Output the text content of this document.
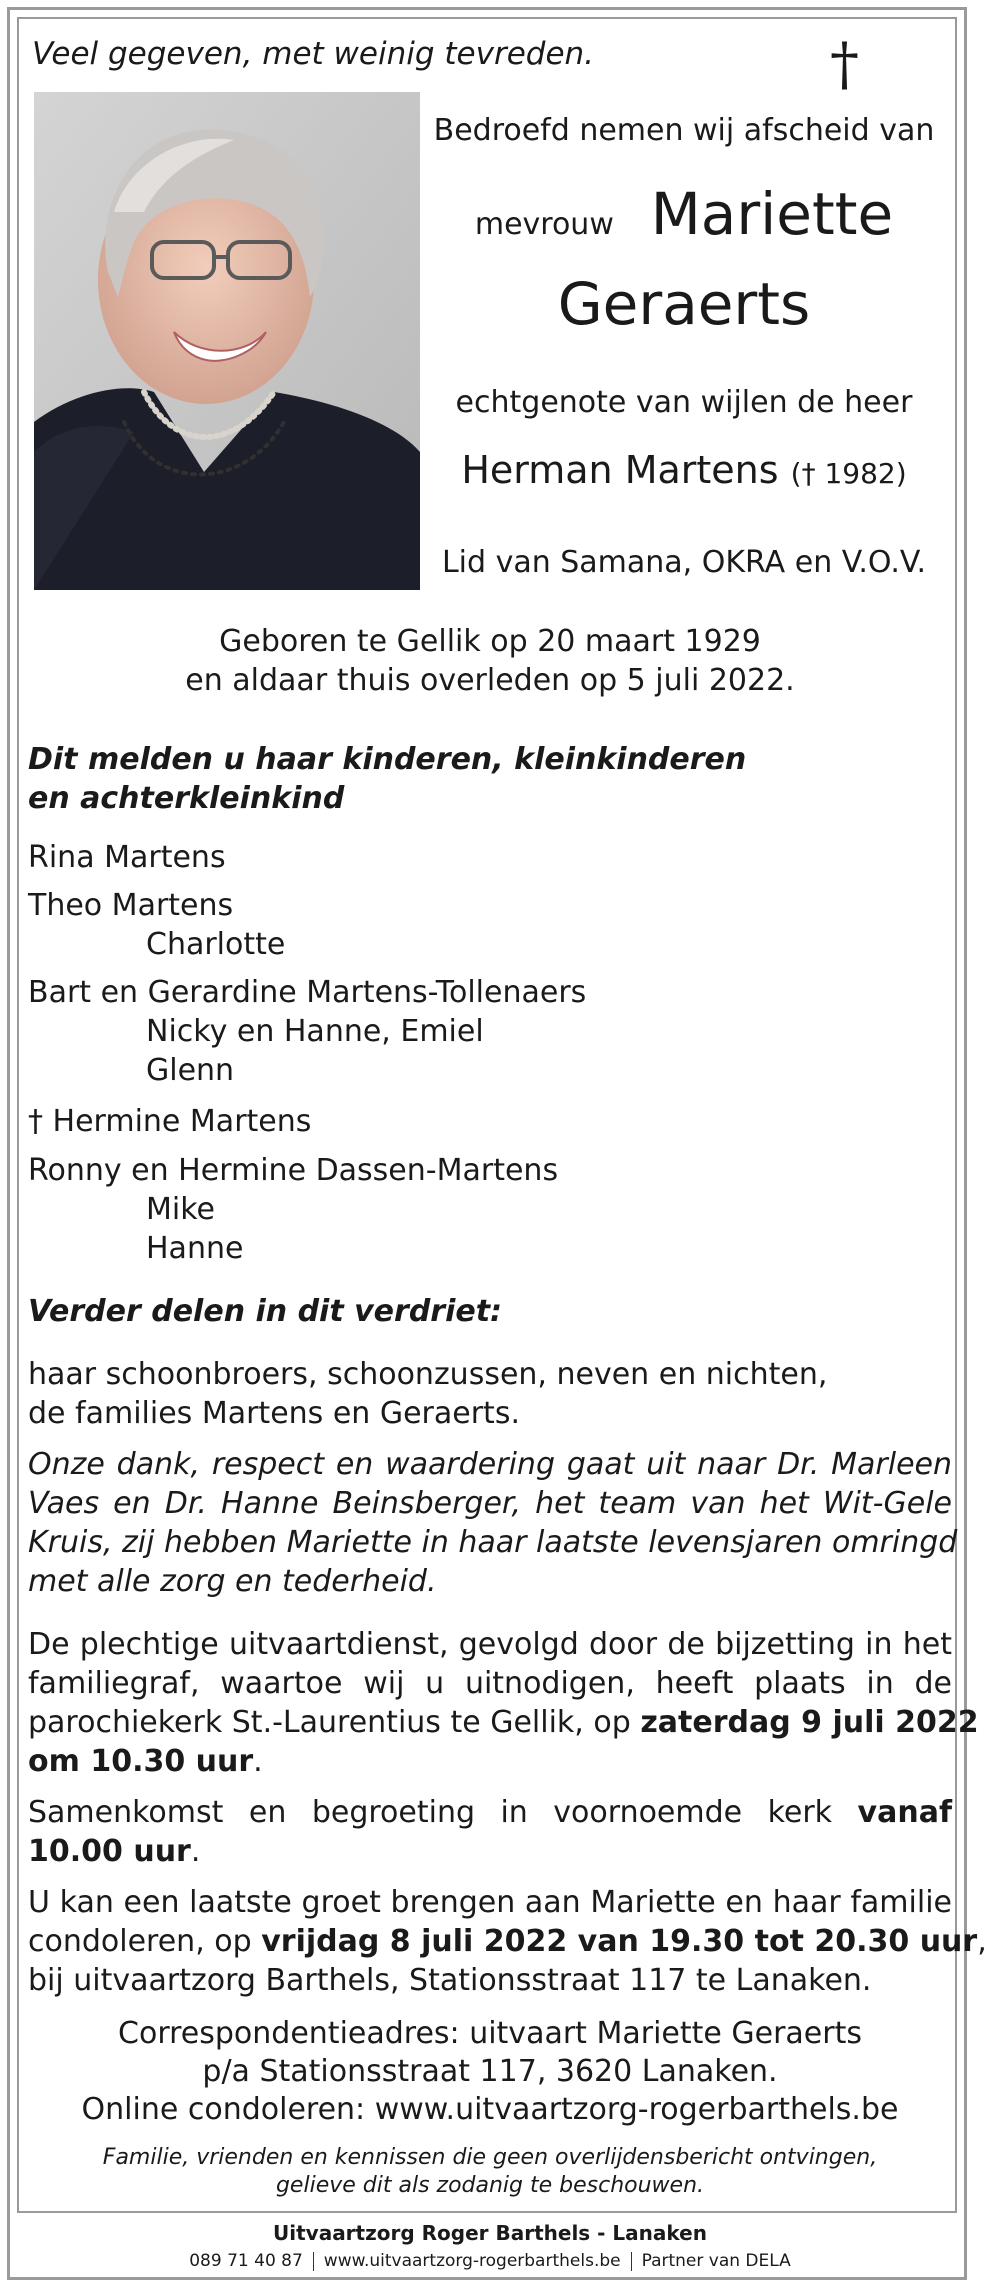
Veel gegeven, met weinig tevreden.	†
Bedroefd nemen wij afscheid van
mevrouw Mariette
Geraerts
echtgenote van wijlen de heer
Herman Martens († 1982)
Lid van Samana, OKRA en V.O.V.
Geboren te Gellik op 20 maart 1929
en aldaar thuis overleden op 5 juli 2022.
Dit melden u haar kinderen, kleinkinderen
en achterkleinkind
Rina Martens
Theo Martens
Charlotte
Bart en Gerardine Martens-Tollenaers
Nicky en Hanne, Emiel
Glenn
† Hermine Martens
Ronny en Hermine Dassen-Martens
Mike
Hanne
Verder delen in dit verdriet:
haar schoonbroers, schoonzussen, neven en nichten,
de families Martens en Geraerts.
Onze dank, respect en waardering gaat uit naar Dr. Marleen
Vaes en Dr. Hanne Beinsberger, het team van het Wit-Gele
Kruis, zij hebben Mariette in haar laatste levensjaren omringd
met alle zorg en tederheid.
De plechtige uitvaartdienst, gevolgd door de bijzetting in het
familiegraf, waartoe wij u uitnodigen, heeft plaats in de
parochiekerk St.-Laurentius te Gellik, op zaterdag 9 juli 2022
om 10.30 uur.
Samenkomst en begroeting in voornoemde kerk vanaf
10.00 uur.
U kan een laatste groet brengen aan Mariette en haar familie
condoleren, op vrijdag 8 juli 2022 van 19.30 tot 20.30 uur,
bij uitvaartzorg Barthels, Stationsstraat 117 te Lanaken.
Correspondentieadres: uitvaart Mariette Geraerts
p/a Stationsstraat 117, 3620 Lanaken.
Online condoleren: www.uitvaartzorg-rogerbarthels.be
Familie, vrienden en kennissen die geen overlijdensbericht ontvingen,
gelieve dit als zodanig te beschouwen.
Uitvaartzorg Roger Barthels - Lanaken
089 71 40 87 www.uitvaartzorg-rogerbarthels.be Partner van DELA
